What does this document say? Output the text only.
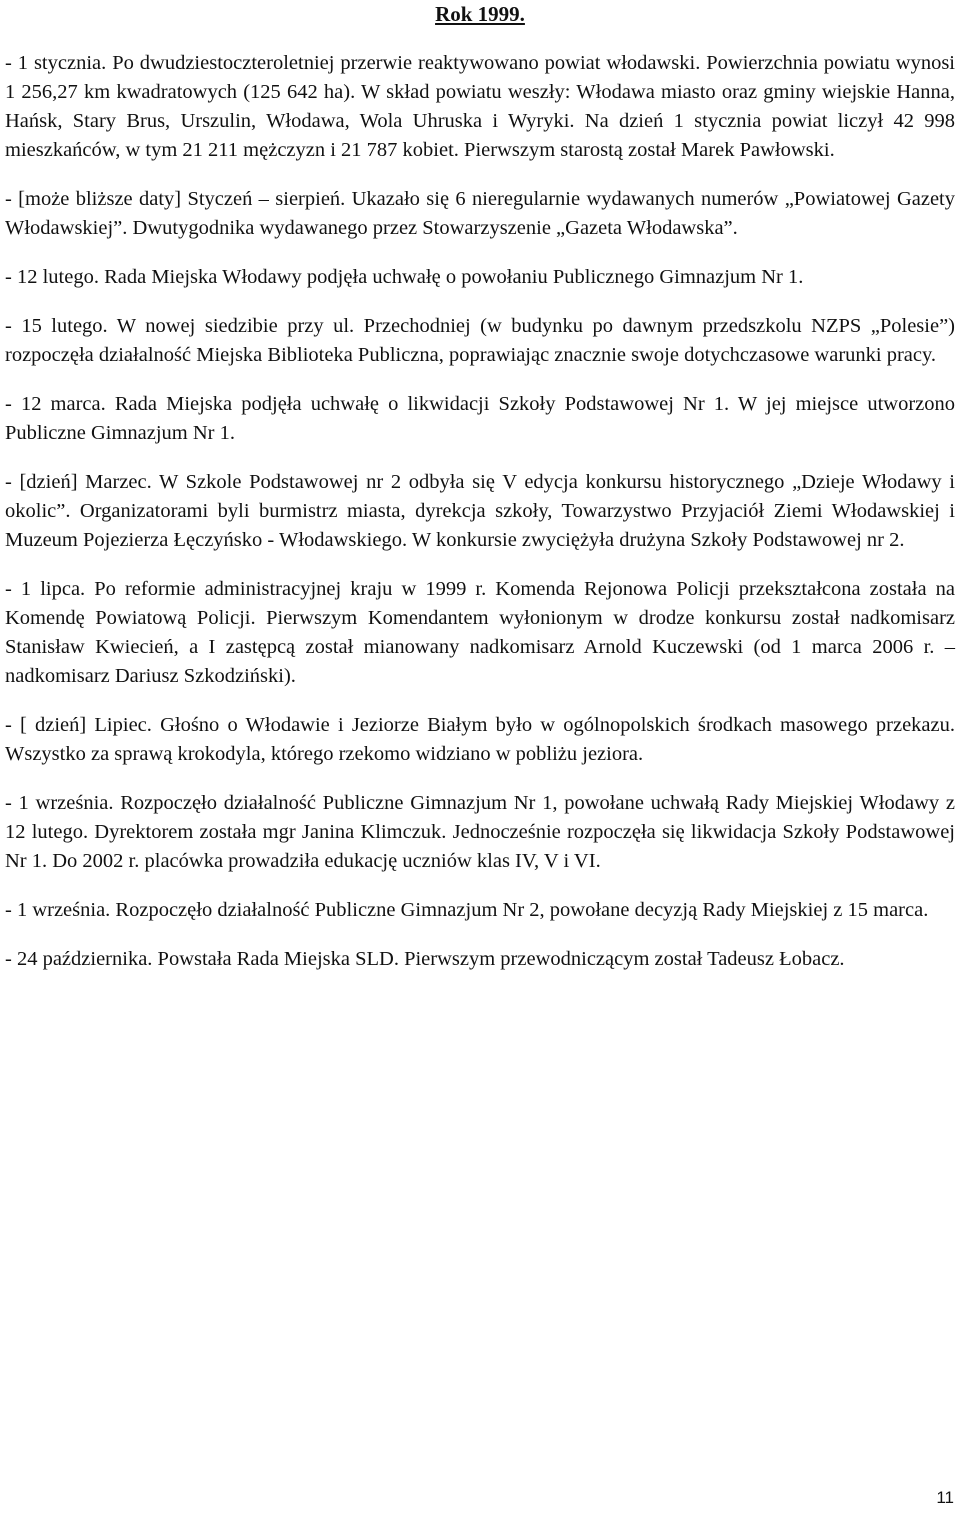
Rok 1999.

- 1 stycznia. Po dwudziestoczteroletniej przerwie reaktywowano powiat włodawski. Powierzchnia powiatu wynosi 1 256,27 km kwadratowych (125 642 ha). W skład powiatu weszły: Włodawa miasto oraz gminy wiejskie Hanna, Hańsk, Stary Brus, Urszulin, Włodawa, Wola Uhruska i Wyryki. Na dzień 1 stycznia powiat liczył 42 998 mieszkańców, w tym 21 211 mężczyzn i 21 787 kobiet. Pierwszym starostą został Marek Pawłowski.

- [może bliższe daty] Styczeń – sierpień. Ukazało się 6 nieregularnie wydawanych numerów „Powiatowej Gazety Włodawskiej”. Dwutygodnika wydawanego przez Stowarzyszenie „Gazeta Włodawska”.

- 12 lutego. Rada Miejska Włodawy podjęła uchwałę o powołaniu Publicznego Gimnazjum Nr 1.

- 15 lutego. W nowej siedzibie przy ul. Przechodniej (w budynku po dawnym przedszkolu NZPS „Polesie”) rozpoczęła działalność Miejska Biblioteka Publiczna, poprawiając znacznie swoje dotychczasowe warunki pracy.

- 12 marca. Rada Miejska podjęła uchwałę o likwidacji Szkoły Podstawowej Nr 1. W jej miejsce utworzono Publiczne Gimnazjum Nr 1.

- [dzień] Marzec. W Szkole Podstawowej nr 2 odbyła się V edycja konkursu historycznego „Dzieje Włodawy i okolic”. Organizatorami byli burmistrz miasta, dyrekcja szkoły, Towarzystwo Przyjaciół Ziemi Włodawskiej i Muzeum Pojezierza Łęczyńsko - Włodawskiego. W konkursie zwyciężyła drużyna Szkoły Podstawowej nr 2.

- 1 lipca. Po reformie administracyjnej kraju w 1999 r. Komenda Rejonowa Policji przekształcona została na Komendę Powiatową Policji. Pierwszym Komendantem wyłonionym w drodze konkursu został nadkomisarz Stanisław Kwiecień, a I zastępcą został mianowany nadkomisarz Arnold Kuczewski (od 1 marca 2006 r. – nadkomisarz Dariusz Szkodziński).

- [ dzień] Lipiec. Głośno o Włodawie i Jeziorze Białym było w ogólnopolskich środkach masowego przekazu. Wszystko za sprawą krokodyla, którego rzekomo widziano w pobliżu jeziora.

- 1 września. Rozpoczęło działalność Publiczne Gimnazjum Nr 1, powołane uchwałą Rady Miejskiej Włodawy z 12 lutego. Dyrektorem została mgr Janina Klimczuk. Jednocześnie rozpoczęła się likwidacja Szkoły Podstawowej Nr 1. Do 2002 r. placówka prowadziła edukację uczniów klas IV, V i VI.

- 1 września. Rozpoczęło działalność Publiczne Gimnazjum Nr 2, powołane decyzją Rady Miejskiej z 15 marca.

- 24 października. Powstała Rada Miejska SLD. Pierwszym przewodniczącym został Tadeusz Łobacz.

11
